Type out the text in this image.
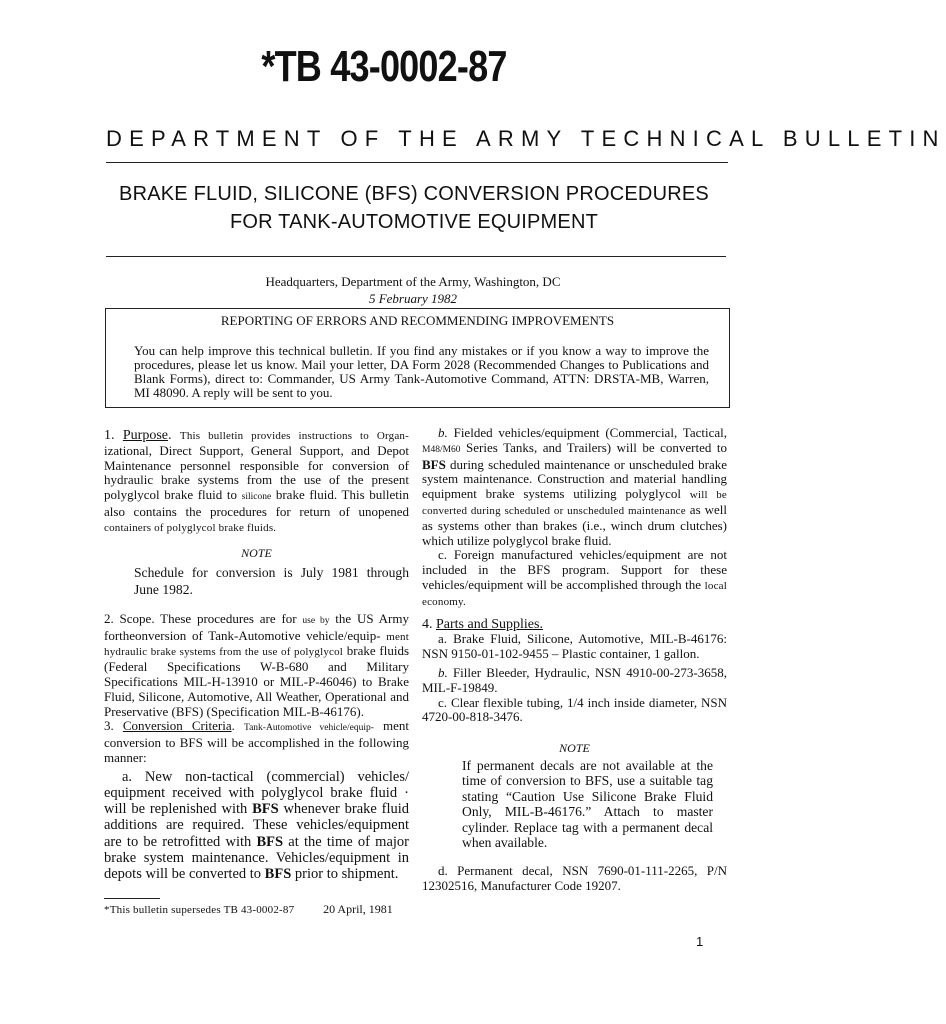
*TB 43-0002-87
DEPARTMENT OF THE ARMY TECHNICAL BULLETIN
BRAKE FLUID, SILICONE (BFS) CONVERSION PROCEDURES
FOR TANK-AUTOMOTIVE EQUIPMENT
Headquarters, Department of the Army, Washington, DC
5 February 1982
REPORTING OF ERRORS AND RECOMMENDING IMPROVEMENTS
You can help improve this technical bulletin. If you find any mistakes or if you know a way to improve the procedures, please let us know. Mail your letter, DA Form 2028 (Recommended Changes to Publications and Blank Forms), direct to: Commander, US Army Tank-Automotive Command, ATTN: DRSTA-MB, Warren, MI 48090. A reply will be sent to you.

1. Purpose. This bulletin provides instructions to Organ- izational, Direct Support, General Support, and Depot Maintenance personnel responsible for conversion of hydraulic brake systems from the use of the present polyglycol brake fluid to silicone brake fluid. This bulletin also contains the procedures for return of unopened containers of polyglycol brake fluids.

NOTE

Schedule for conversion is July 1981 through June 1982.

2. Scope. These procedures are for use by the US Army fortheonversion of Tank-Automotive vehicle/equip- ment hydraulic brake systems from the use of polyglycol brake fluids (Federal Specifications W-B-680 and Military Specifications MIL-H-13910 or MIL-P-46046) to Brake Fluid, Silicone, Automotive, All Weather, Operational and Preservative (BFS) (Specification MIL-B-46176).

3. Conversion Criteria. Tank-Automotive vehicle/equip- ment conversion to BFS will be accomplished in the following manner:

a. New non-tactical (commercial) vehicles/ equipment received with polyglycol brake fluid · will be replenished with BFS whenever brake fluid additions are required. These vehicles/equipment are to be retrofitted with BFS at the time of major brake system maintenance. Vehicles/equipment in depots will be converted to BFS prior to shipment.

b. Fielded vehicles/equipment (Commercial, Tactical, M48/M60 Series Tanks, and Trailers) will be converted to BFS during scheduled maintenance or unscheduled brake system maintenance. Construction and material handling equipment brake systems utilizing polyglycol will be converted during scheduled or unscheduled maintenance as well as systems other than brakes (i.e., winch drum clutches) which utilize polyglycol brake fluid.

c. Foreign manufactured vehicles/equipment are not included in the BFS program. Support for these vehicles/equipment will be accomplished through the local economy.

4. Parts and Supplies.

a. Brake Fluid, Silicone, Automotive, MIL-B-46176: NSN 9150-01-102-9455 – Plastic container, 1 gallon.

b. Filler Bleeder, Hydraulic, NSN 4910-00-273-3658, MIL-F-19849.

c. Clear flexible tubing, 1/4 inch inside diameter, NSN 4720-00-818-3476.

NOTE

If permanent decals are not available at the time of conversion to BFS, use a suitable tag stating “Caution Use Silicone Brake Fluid Only, MIL-B-46176.” Attach to master cylinder. Replace tag with a permanent decal when available.

d. Permanent decal, NSN 7690-01-111-2265, P/N 12302516, Manufacturer Code 19207.

*This bulletin supersedes TB 43-0002-87 20 April, 1981
1
